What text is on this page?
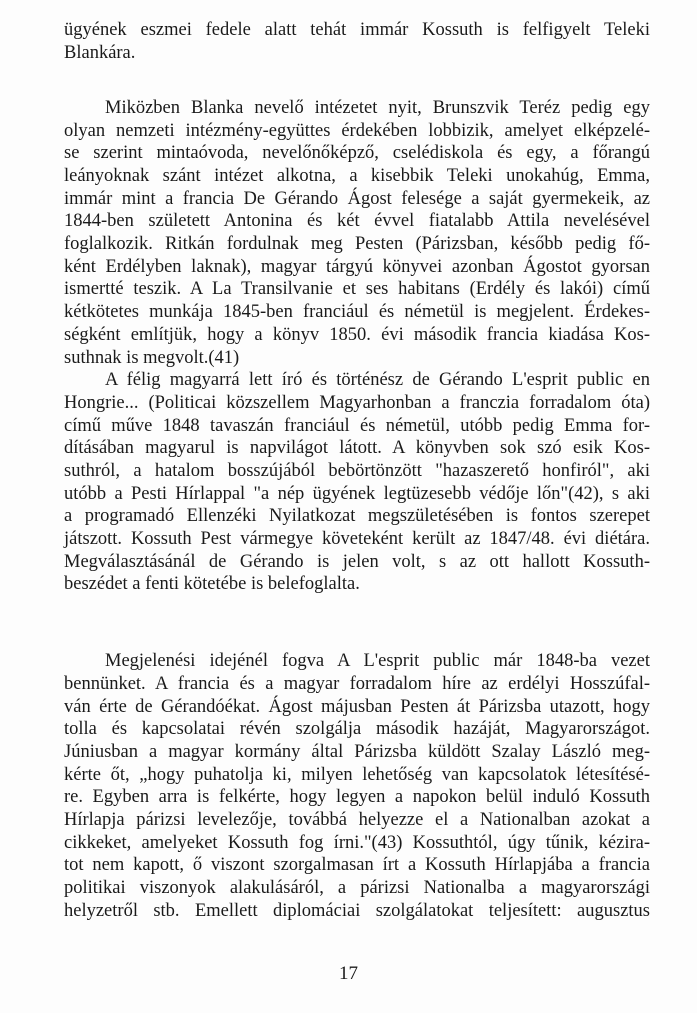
ügyének eszmei fedele alatt tehát immár Kossuth is felfigyelt Teleki
Blankára.
Miközben Blanka nevelő intézetet nyit, Brunszvik Teréz pedig egy
olyan nemzeti intézmény-együttes érdekében lobbizik, amelyet elképzelé-
se szerint mintaóvoda, nevelőnőképző, cselédiskola és egy, a főrangú
leányoknak szánt intézet alkotna, a kisebbik Teleki unokahúg, Emma,
immár mint a francia De Gérando Ágost felesége a saját gyermekeik, az
1844-ben született Antonina és két évvel fiatalabb Attila nevelésével
foglalkozik. Ritkán fordulnak meg Pesten (Párizsban, később pedig fő-
ként Erdélyben laknak), magyar tárgyú könyvei azonban Ágostot gyorsan
ismertté teszik. A La Transilvanie et ses habitans (Erdély és lakói) című
kétkötetes munkája 1845-ben franciául és németül is megjelent. Érdekes-
ségként említjük, hogy a könyv 1850. évi második francia kiadása Kos-
suthnak is megvolt.(41)
A félig magyarrá lett író és történész de Gérando L'esprit public en
Hongrie... (Politicai közszellem Magyarhonban a franczia forradalom óta)
című műve 1848 tavaszán franciául és németül, utóbb pedig Emma for-
dításában magyarul is napvilágot látott. A könyvben sok szó esik Kos-
suthról, a hatalom bosszújából bebörtönzött "hazaszerető honfiról", aki
utóbb a Pesti Hírlappal "a nép ügyének legtüzesebb védője lőn"(42), s aki
a programadó Ellenzéki Nyilatkozat megszületésében is fontos szerepet
játszott. Kossuth Pest vármegye követeként került az 1847/48. évi diétára.
Megválasztásánál de Gérando is jelen volt, s az ott hallott Kossuth-
beszédet a fenti kötetébe is belefoglalta.
Megjelenési idejénél fogva A L'esprit public már 1848-ba vezet
bennünket. A francia és a magyar forradalom híre az erdélyi Hosszúfal-
ván érte de Gérandóékat. Ágost májusban Pesten át Párizsba utazott, hogy
tolla és kapcsolatai révén szolgálja második hazáját, Magyarországot.
Júniusban a magyar kormány által Párizsba küldött Szalay László meg-
kérte őt, „hogy puhatolja ki, milyen lehetőség van kapcsolatok létesítésé-
re. Egyben arra is felkérte, hogy legyen a napokon belül induló Kossuth
Hírlapja párizsi levelezője, továbbá helyezze el a Nationalban azokat a
cikkeket, amelyeket Kossuth fog írni."(43) Kossuthtól, úgy tűnik, kézira-
tot nem kapott, ő viszont szorgalmasan írt a Kossuth Hírlapjába a francia
politikai viszonyok alakulásáról, a párizsi Nationalba a magyarországi
helyzetről stb. Emellett diplomáciai szolgálatokat teljesített: augusztus
17
